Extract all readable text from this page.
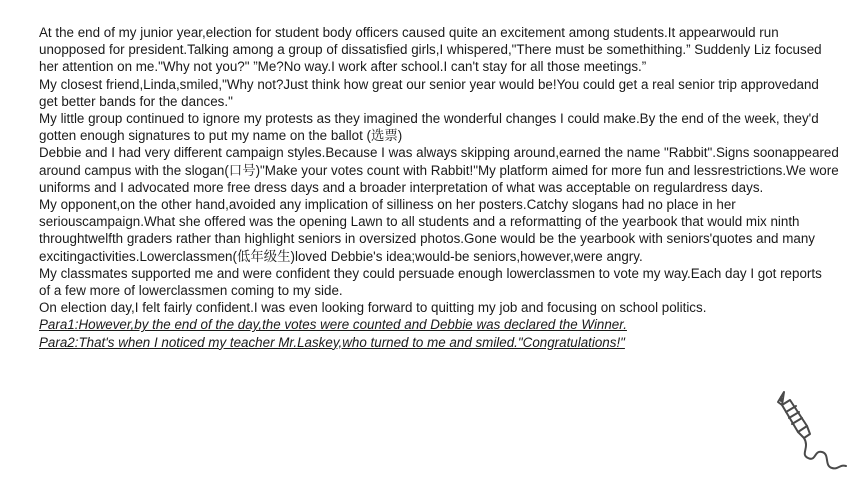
At the end of my junior year,election for student body officers caused quite an excitement among students.It appearwould run unopposed for president.Talking among a group of dissatisfied girls,I whispered,"There must be somethithing.” Suddenly Liz focused her attention on me."Why not you?" ”Me?No way.I work after school.I can't stay for all those meetings.”

My closest friend,Linda,smiled,"Why not?Just think how great our senior year would be!You could get a real senior trip approvedand get better bands for the dances."

My little group continued to ignore my protests as they imagined the wonderful changes I could make.By the end of the week, they'd gotten enough signatures to put my name on the ballot (选票)

Debbie and I had very different campaign styles.Because I was always skipping around,earned the name "Rabbit".Signs soonappeared around campus with the slogan(口号)"Make your votes count with Rabbit!"My platform aimed for more fun and lessrestrictions.We wore uniforms and I advocated more free dress days and a broader interpretation of what was acceptable on regulardress days.

My opponent,on the other hand,avoided any implication of silliness on her posters.Catchy slogans had no place in her seriouscampaign.What she offered was the opening Lawn to all students and a reformatting of the yearbook that would mix ninth throughtwelfth graders rather than highlight seniors in oversized photos.Gone would be the yearbook with seniors'quotes and many excitingactivities.Lowerclassmen(低年级生)loved Debbie's idea;would-be seniors,however,were angry.

My classmates supported me and were confident they could persuade enough lowerclassmen to vote my way.Each day I got reports

of a few more of lowerclassmen coming to my side.

On election day,I felt fairly confident.I was even looking forward to quitting my job and focusing on school politics.

Para1:However,by the end of the day,the votes were counted and Debbie was declared the Winner.

Para2:That's when I noticed my teacher Mr.Laskey,who turned to me and smiled."Congratulations!"
